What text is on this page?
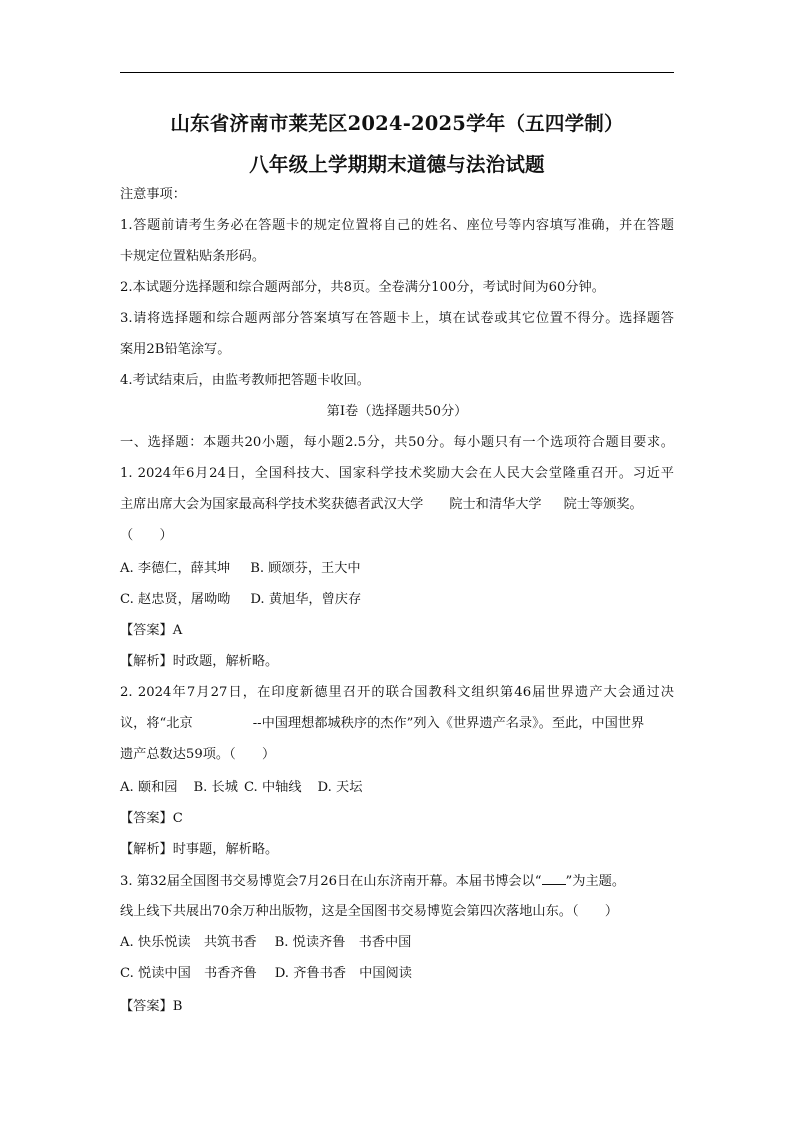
山东省济南市莱芜区2024-2025学年（五四学制）
八年级上学期期末道德与法治试题
注意事项：
1.答题前请考生务必在答题卡的规定位置将自己的姓名、座位号等内容填写准确，并在答题
卡规定位置粘贴条形码。
2.本试题分选择题和综合题两部分，共8页。全卷满分100分，考试时间为60分钟。
3.请将选择题和综合题两部分答案填写在答题卡上，填在试卷或其它位置不得分。选择题答
案用2B铅笔涂写。
4.考试结束后，由监考教师把答题卡收回。
第Ⅰ卷（选择题共50分）
一、选择题：本题共20小题，每小题2.5分，共50分。每小题只有一个选项符合题目要求。
1. 2024年6月24日，全国科技大、国家科学技术奖励大会在人民大会堂隆重召开。习近平
主席出席大会为国家最高科学技术奖获德者武汉大学 院士和清华大学 院士等颁奖。
（　　）
A. 李德仁，薛其坤 B. 顾颂芬，王大中
C. 赵忠贤，屠呦呦 D. 黄旭华，曾庆存
【答案】A
【解析】时政题，解析略。
2. 2024年7月27日，在印度新德里召开的联合国教科文组织第46届世界遗产大会通过决
议，将“北京	--中国理想都城秩序的杰作”列入《世界遗产名录》。至此，中国世界
遗产总数达59项。（　　）
A. 颐和园 B. 长城 C. 中轴线 D. 天坛
【答案】C
【解析】时事题，解析略。
3. 第32届全国图书交易博览会7月26日在山东济南开幕。本届书博会以“ ”为主题。
线上线下共展出70余万种出版物，这是全国图书交易博览会第四次落地山东。（　　）
A. 快乐悦读　共筑书香 B. 悦读齐鲁　书香中国
C. 悦读中国　书香齐鲁 D. 齐鲁书香　中国阅读
【答案】B
